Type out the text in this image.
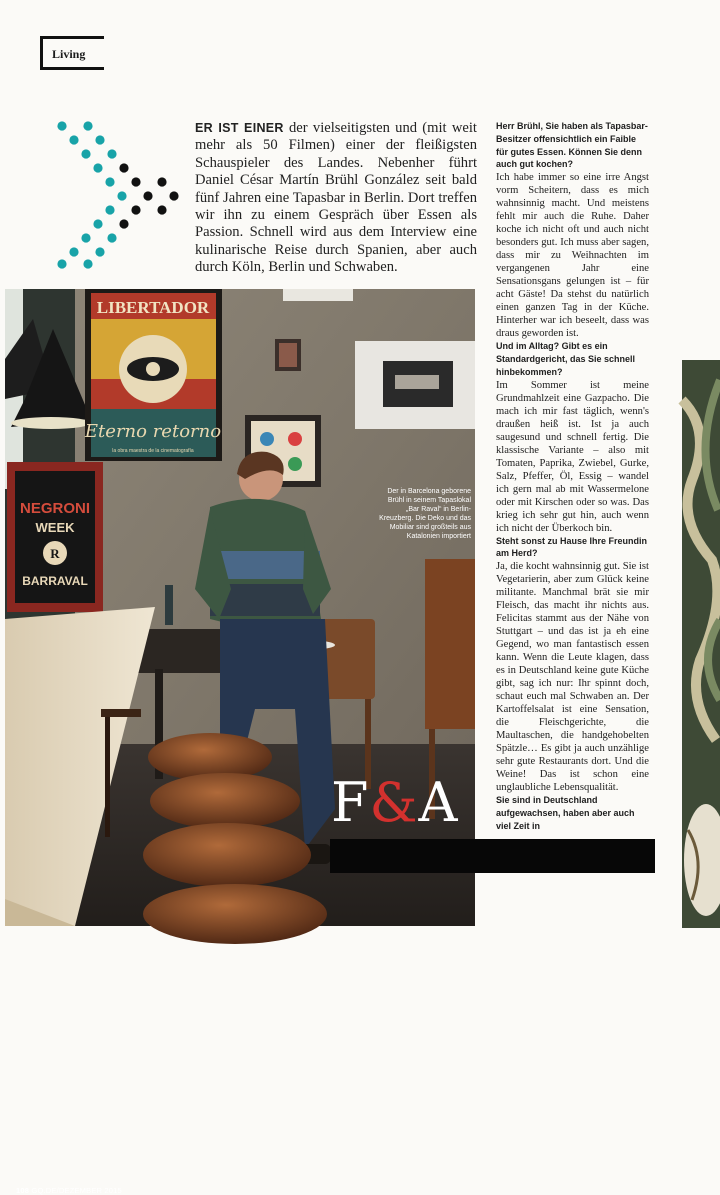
Living
ER IST EINER der vielseitigsten und (mit weit mehr als 50 Filmen) einer der fleißigsten Schauspieler des Landes. Nebenher führt Daniel César Martín Brühl González seit bald fünf Jahren eine Tapasbar in Berlin. Dort treffen wir ihn zu einem Gespräch über Essen als Passion. Schnell wird aus dem Interview eine kulinarische Reise durch Spanien, aber auch durch Köln, Berlin und Schwaben.
LIBERTADOR
Eterno retorno
la obra maestra de la cinematografía
NEGRONI
WEEK
R
BARRAVAL
Der in Barcelona geborene Brühl in seinem Tapaslokal „Bar Raval“ in Berlin-Kreuzberg. Die Deko und das Mobiliar sind großteils aus Katalonien importiert
F&A
108 GQ.DE/DEZEMBER 2015

Herr Brühl, Sie haben als Tapasbar-Besitzer offensichtlich ein Faible für gutes Essen. Können Sie denn auch gut kochen?

Ich habe immer so eine irre Angst vorm Scheitern, dass es mich wahnsinnig macht. Und meistens fehlt mir auch die Ruhe. Daher koche ich nicht oft und auch nicht besonders gut. Ich muss aber sagen, dass mir zu Weihnachten im vergangenen Jahr eine Sensationsgans gelungen ist – für acht Gäste! Da stehst du natürlich einen ganzen Tag in der Küche. Hinterher war ich beseelt, dass was draus geworden ist.

Und im Alltag? Gibt es ein Standardgericht, das Sie schnell hinbekommen?

Im Sommer ist meine Grundmahlzeit eine Gazpacho. Die mach ich mir fast täglich, wenn's draußen heiß ist. Ist ja auch saugesund und schnell fertig. Die klassische Variante – also mit Tomaten, Paprika, Zwiebel, Gurke, Salz, Pfeffer, Öl, Essig – wandel ich gern mal ab mit Wassermelone oder mit Kirschen oder so was. Das krieg ich sehr gut hin, auch wenn ich nicht der Überkoch bin.

Steht sonst zu Hause Ihre Freundin am Herd?

Ja, die kocht wahnsinnig gut. Sie ist Vegetarierin, aber zum Glück keine militante. Manchmal brät sie mir Fleisch, das macht ihr nichts aus. Felicitas stammt aus der Nähe von Stuttgart – und das ist ja eh eine Gegend, wo man fantastisch essen kann. Wenn die Leute klagen, dass es in Deutschland keine gute Küche gibt, sag ich nur: Ihr spinnt doch, schaut euch mal Schwaben an. Der Kartoffelsalat ist eine Sensation, die Fleischgerichte, die Maultaschen, die handgehobelten Spätzle… Es gibt ja auch unzählige sehr gute Restaurants dort. Und die Weine! Das ist schon eine unglaubliche Lebensqualität.

Sie sind in Deutschland aufgewachsen, haben aber auch viel Zeit in
